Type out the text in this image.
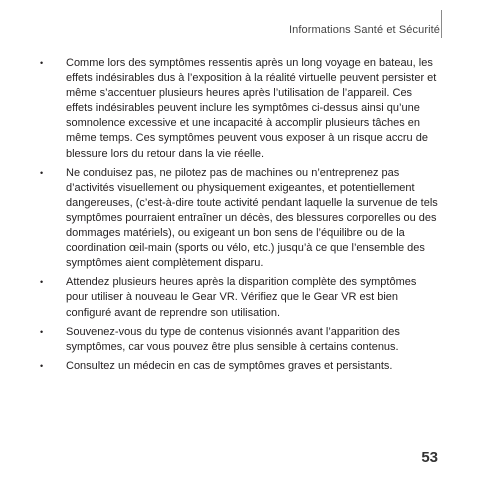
Informations Santé et Sécurité
•	Comme lors des symptômes ressentis après un long voyage en bateau, les effets indésirables dus à l’exposition à la réalité virtuelle peuvent persister et même s’accentuer plusieurs heures après l’utilisation de l’appareil. Ces effets indésirables peuvent inclure les symptômes ci-dessus ainsi qu’une somnolence excessive et une incapacité à accomplir plusieurs tâches en même temps. Ces symptômes peuvent vous exposer à un risque accru de blessure lors du retour dans la vie réelle.
•	Ne conduisez pas, ne pilotez pas de machines ou n’entreprenez pas d’activités visuellement ou physiquement exigeantes, et potentiellement dangereuses, (c’est-à-dire toute activité pendant laquelle la survenue de tels symptômes pourraient entraîner un décès, des blessures corporelles ou des dommages matériels), ou exigeant un bon sens de l’équilibre ou de la coordination œil-main (sports ou vélo, etc.) jusqu’à ce que l’ensemble des symptômes aient complètement disparu.
•	Attendez plusieurs heures après la disparition complète des symptômes pour utiliser à nouveau le Gear VR. Vérifiez que le Gear VR est bien configuré avant de reprendre son utilisation.
•	Souvenez-vous du type de contenus visionnés avant l’apparition des symptômes, car vous pouvez être plus sensible à certains contenus.
•	Consultez un médecin en cas de symptômes graves et persistants.
53
